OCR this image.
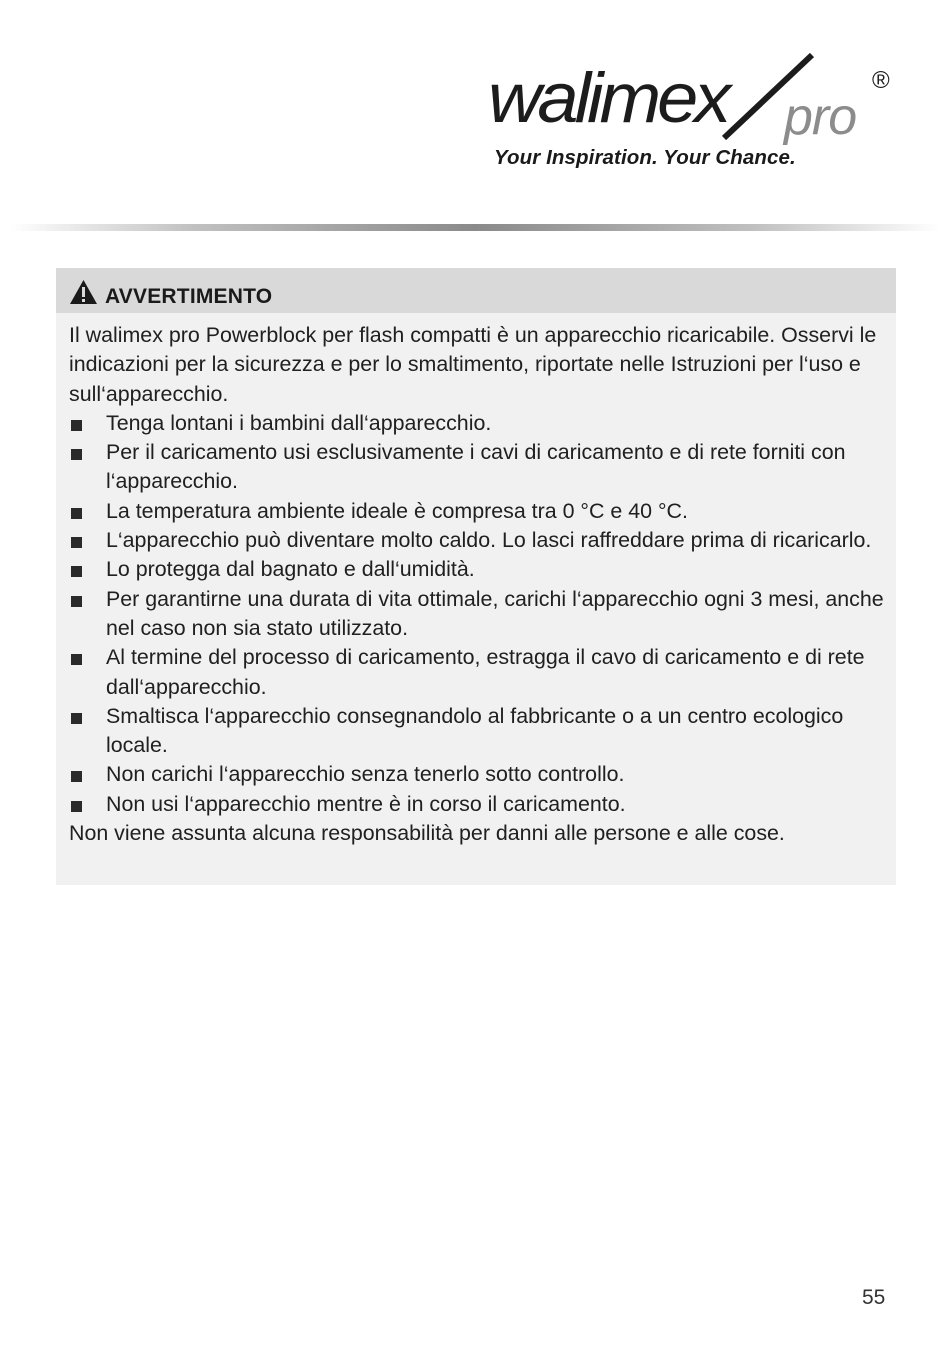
walimex pro
®
Your Inspiration. Your Chance.
AVVERTIMENTO

Il walimex pro Powerblock per flash compatti è un apparecchio ricaricabile. Osservi le indicazioni per la sicurezza e per lo smaltimento, riportate nelle Istruzioni per l‘uso e sull‘apparecchio.

Tenga lontani i bambini dall‘apparecchio.
Per il caricamento usi esclusivamente i cavi di caricamento e di rete forniti con l‘apparecchio.
La temperatura ambiente ideale è compresa tra 0 °C e 40 °C.
L‘apparecchio può diventare molto caldo. Lo lasci raffreddare prima di ricaricarlo.
Lo protegga dal bagnato e dall‘umidità.
Per garantirne una durata di vita ottimale, carichi l‘apparecchio ogni 3 mesi, anche nel caso non sia stato utilizzato.
Al termine del processo di caricamento, estragga il cavo di caricamento e di rete dall‘apparecchio.
Smaltisca l‘apparecchio consegnandolo al fabbricante o a un centro ecologico locale.
Non carichi l‘apparecchio senza tenerlo sotto controllo.
Non usi l‘apparecchio mentre è in corso il caricamento.

Non viene assunta alcuna responsabilità per danni alle persone e alle cose.

55
